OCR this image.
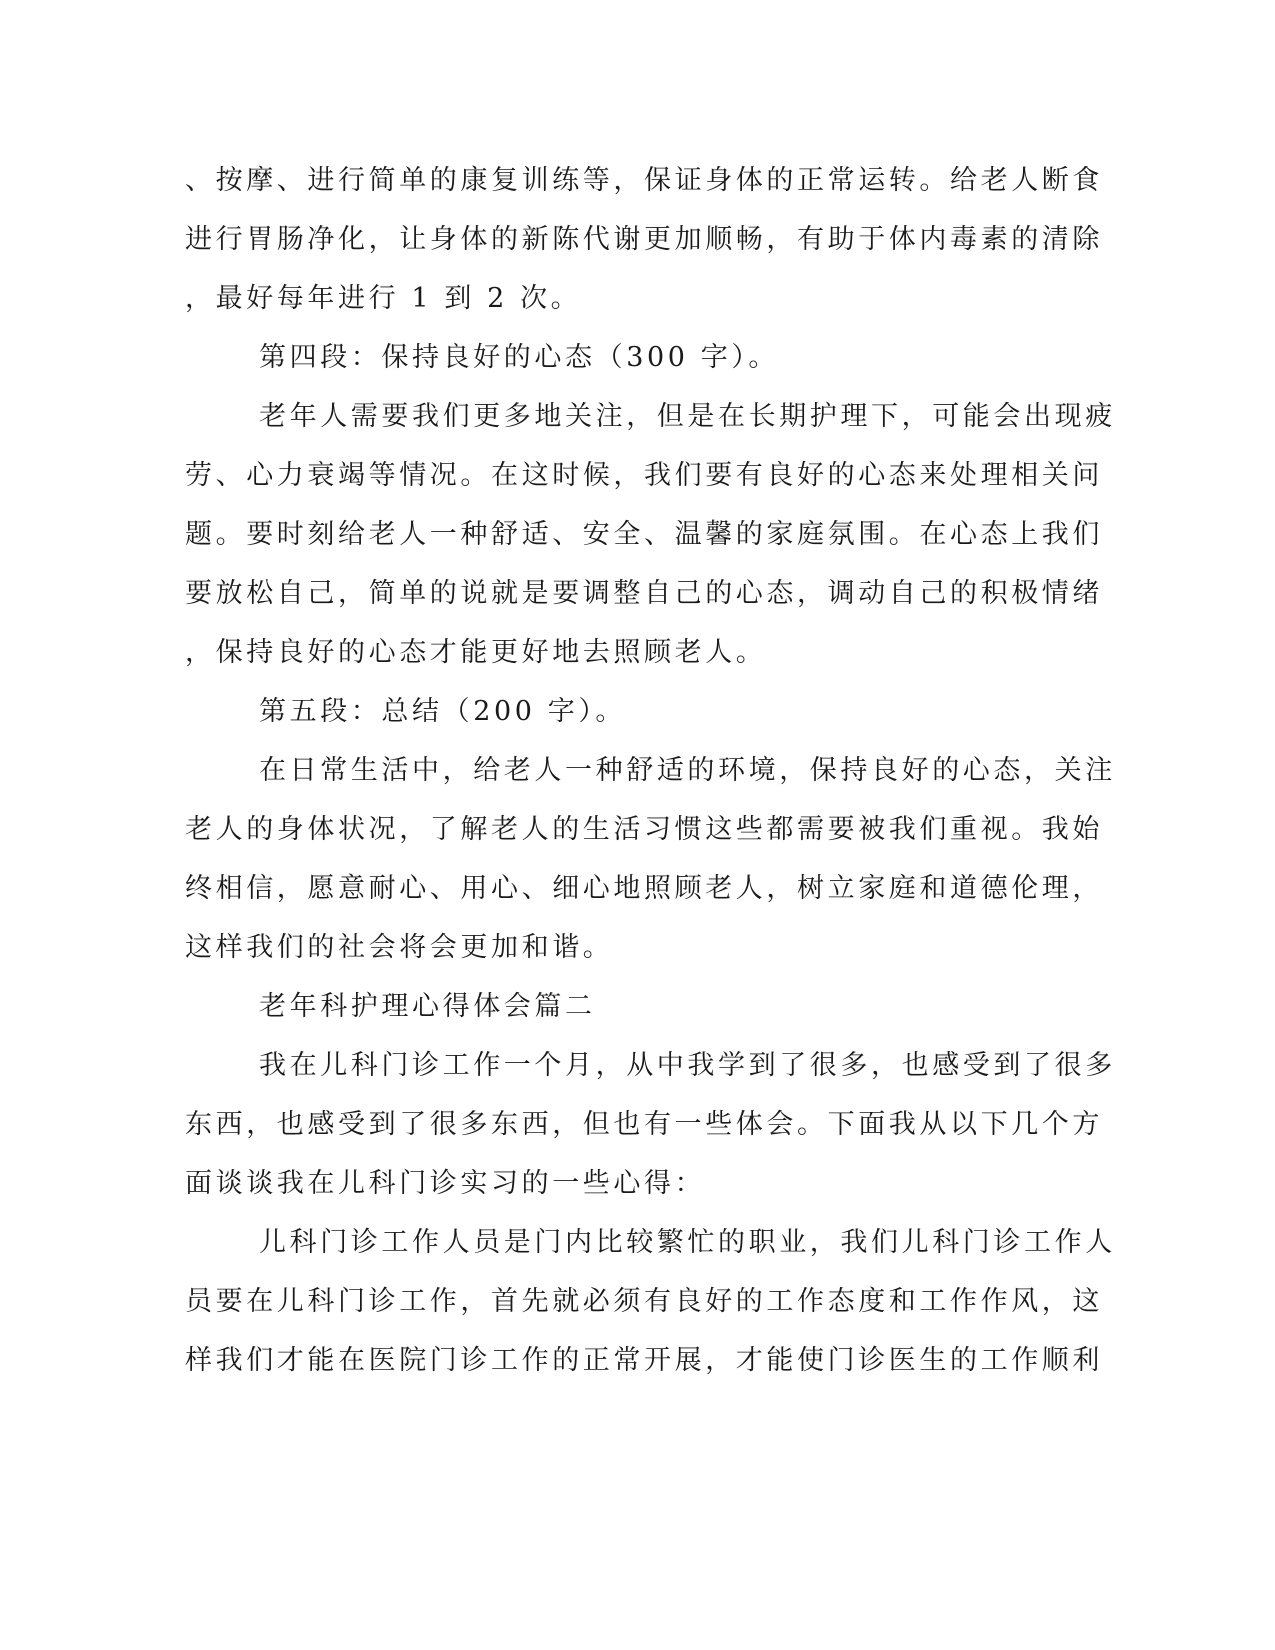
、按摩、进行简单的康复训练等，保证身体的正常运转。给老人断食
进行胃肠净化，让身体的新陈代谢更加顺畅，有助于体内毒素的清除
，最好每年进行 1 到 2 次。
第四段：保持良好的心态（300 字）。
老年人需要我们更多地关注，但是在长期护理下，可能会出现疲
劳、心力衰竭等情况。在这时候，我们要有良好的心态来处理相关问
题。要时刻给老人一种舒适、安全、温馨的家庭氛围。在心态上我们
要放松自己，简单的说就是要调整自己的心态，调动自己的积极情绪
，保持良好的心态才能更好地去照顾老人。
第五段：总结（200 字）。
在日常生活中，给老人一种舒适的环境，保持良好的心态，关注
老人的身体状况，了解老人的生活习惯这些都需要被我们重视。我始
终相信，愿意耐心、用心、细心地照顾老人，树立家庭和道德伦理，
这样我们的社会将会更加和谐。
老年科护理心得体会篇二
我在儿科门诊工作一个月，从中我学到了很多，也感受到了很多
东西，也感受到了很多东西，但也有一些体会。下面我从以下几个方
面谈谈我在儿科门诊实习的一些心得：
儿科门诊工作人员是门内比较繁忙的职业，我们儿科门诊工作人
员要在儿科门诊工作，首先就必须有良好的工作态度和工作作风，这
样我们才能在医院门诊工作的正常开展，才能使门诊医生的工作顺利
